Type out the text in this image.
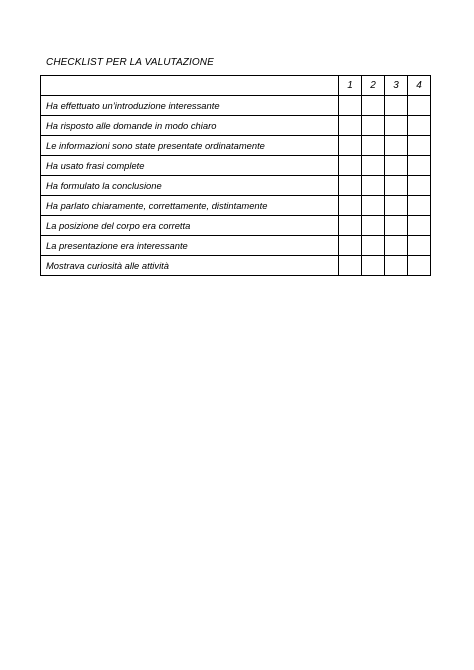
CHECKLIST PER LA VALUTAZIONE
	1	2	3	4
Ha effettuato un’introduzione interessante				
Ha risposto alle domande in modo chiaro				
Le informazioni sono state presentate ordinatamente				
Ha usato frasi complete				
Ha formulato la conclusione				
Ha parlato chiaramente, correttamente, distintamente				
La posizione del corpo era corretta				
La presentazione era interessante				
Mostrava curiosità alle attività				
